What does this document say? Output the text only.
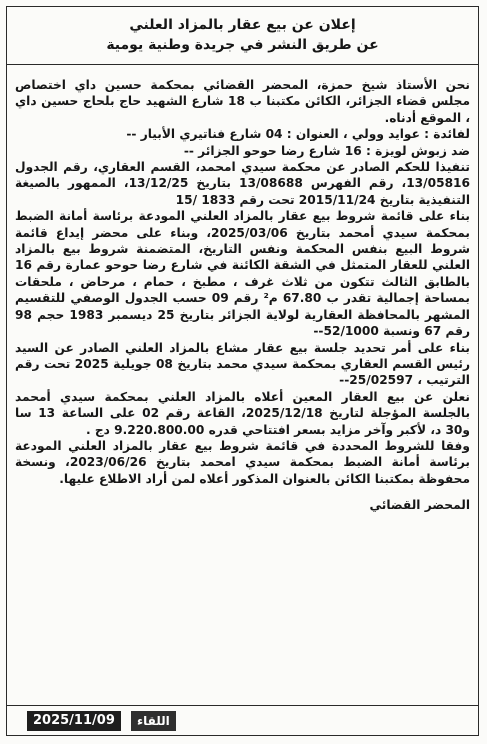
إعلان عن بيع عقار بالمزاد العلني
عن طريق النشر في جريدة وطنية يومية

نحن الأستاذ شيخ حمزة، المحضر القضائي بمحكمة حسين داي اختصاص مجلس قضاء الجزائر، الكائن مكتبنا ب 18 شارع الشهيد حاج بلحاج حسين داي ، الموقع أدناه.

لفائدة : عوايد وولي ، العنوان : 04 شارع فناتيري الأبيار --

ضد زبوش لويزة : 16 شارع رضا حوحو الجزائر --

تنفيذا للحكم الصادر عن محكمة سيدي امحمد، القسم العقاري، رقم الجدول 13/05816، رقم الفهرس 13/08688 بتاريخ 13/12/25، الممهور بالصيغة التنفيذية بتاريخ 2015/11/24 تحت رقم 1833 /15

بناء على قائمة شروط بيع عقار بالمزاد العلني المودعة برئاسة أمانة الضبط بمحكمة سيدي أمحمد بتاريخ 2025/03/06، وبناء على محضر إيداع قائمة شروط البيع بنفس المحكمة ونفس التاريخ، المتضمنة شروط بيع بالمزاد العلني للعقار المتمثل في الشقة الكائنة في شارع رضا حوحو عمارة رقم 16 بالطابق الثالث تتكون من ثلاث غرف ، مطبخ ، حمام ، مرحاض ، ملحقات بمساحة إجمالية تقدر ب 67.80 م² رقم 09 حسب الجدول الوصفي للتقسيم المشهر بالمحافظة العقارية لولاية الجزائر بتاريخ 25 ديسمبر 1983 حجم 98 رقم 67 ونسبة 52/1000--

بناء على أمر تحديد جلسة بيع عقار مشاع بالمزاد العلني الصادر عن السيد رئيس القسم العقاري بمحكمة سيدي محمد بتاريخ 08 جويلية 2025 تحت رقم الترتيب ، 25/02597--

نعلن عن بيع العقار المعين أعلاه بالمزاد العلني بمحكمة سيدي أمحمد بالجلسة المؤجلة لتاريخ 2025/12/18، القاعة رقم 02 على الساعة 13 سا و30 د، لأكبر وآخر مزايد بسعر افتتاحي قدره 9.220.800.00 دج .

وفقا للشروط المحددة في قائمة شروط بيع عقار بالمزاد العلني المودعة برئاسة أمانة الضبط بمحكمة سيدي امحمد بتاريخ 2023/06/26، ونسخة محفوظة بمكتبنا الكائن بالعنوان المذكور أعلاه لمن أراد الاطلاع عليها.

المحضر القضائي

2025/11/09	اللقاء
